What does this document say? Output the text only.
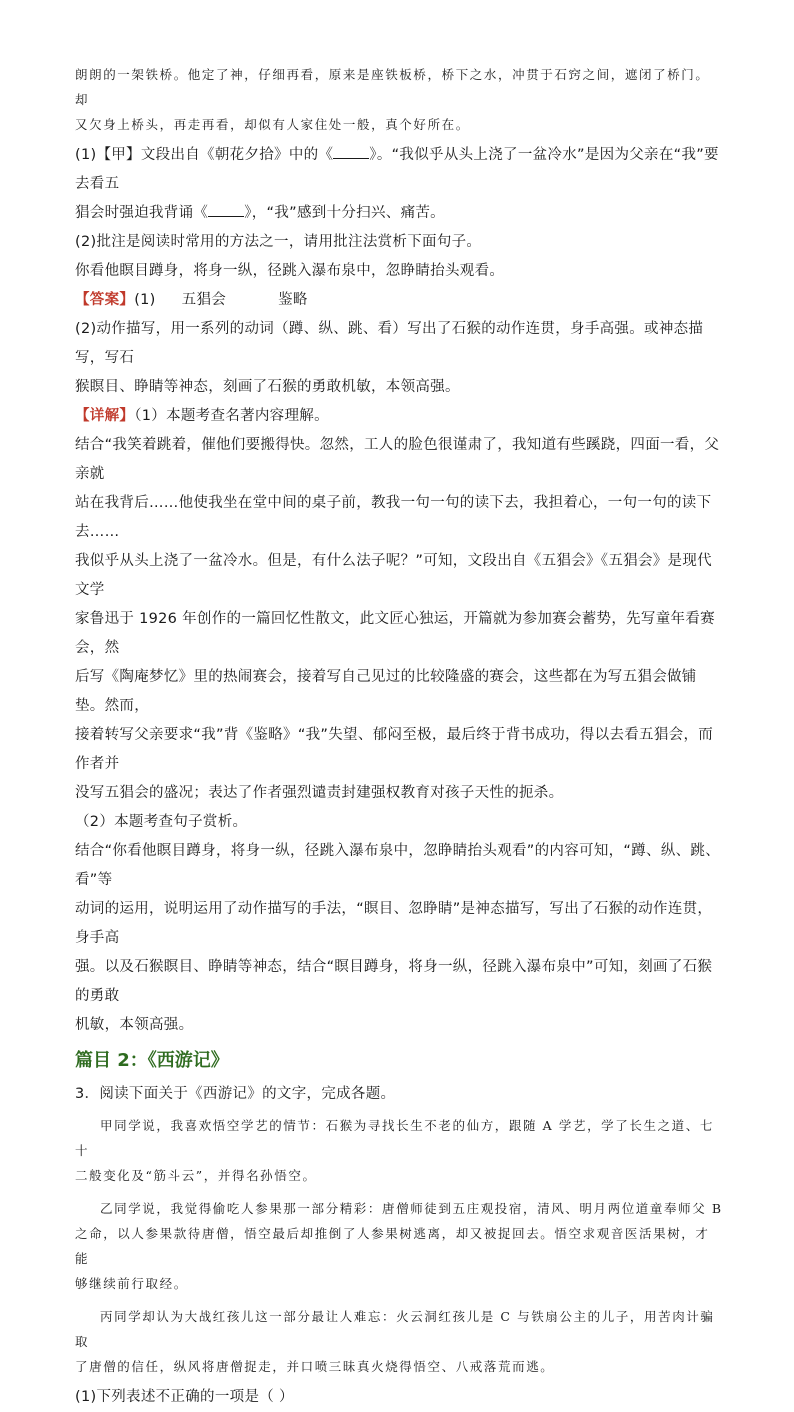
朗朗的一架铁桥。他定了神，仔细再看，原来是座铁板桥，桥下之水，冲贯于石窍之间，遮闭了桥门。却

又欠身上桥头，再走再看，却似有人家住处一般，真个好所在。

(1)【甲】文段出自《朝花夕拾》中的《 》。“我似乎从头上浇了一盆冷水”是因为父亲在“我”要去看五

猖会时强迫我背诵《 》，“我”感到十分扫兴、痛苦。

(2)批注是阅读时常用的方法之一，请用批注法赏析下面句子。

你看他瞑目蹲身，将身一纵，径跳入瀑布泉中，忽睁睛抬头观看。

【答案】(1) 五猖会	鉴略

(2)动作描写，用一系列的动词（蹲、纵、跳、看）写出了石猴的动作连贯，身手高强。或神态描写，写石

猴瞑目、睁睛等神态，刻画了石猴的勇敢机敏，本领高强。

【详解】（1）本题考查名著内容理解。

结合“我笑着跳着，催他们要搬得快。忽然，工人的脸色很谨肃了，我知道有些蹊跷，四面一看，父亲就

站在我背后……他使我坐在堂中间的桌子前，教我一句一句的读下去，我担着心，一句一句的读下去……

我似乎从头上浇了一盆冷水。但是，有什么法子呢？”可知，文段出自《五猖会》《五猖会》是现代文学

家鲁迅于 1926 年创作的一篇回忆性散文，此文匠心独运，开篇就为参加赛会蓄势，先写童年看赛会，然

后写《陶庵梦忆》里的热闹赛会，接着写自己见过的比较隆盛的赛会，这些都在为写五猖会做铺垫。然而，

接着转写父亲要求“我”背《鉴略》“我”失望、郁闷至极，最后终于背书成功，得以去看五猖会，而作者并

没写五猖会的盛况；表达了作者强烈谴责封建强权教育对孩子天性的扼杀。

（2）本题考查句子赏析。

结合“你看他瞑目蹲身，将身一纵，径跳入瀑布泉中，忽睁睛抬头观看”的内容可知，“蹲、纵、跳、看”等

动词的运用，说明运用了动作描写的手法，“瞑目、忽睁睛”是神态描写，写出了石猴的动作连贯，身手高

强。以及石猴瞑目、睁睛等神态，结合“瞑目蹲身，将身一纵，径跳入瀑布泉中”可知，刻画了石猴的勇敢

机敏，本领高强。

篇目 2：《西游记》

3．阅读下面关于《西游记》的文字，完成各题。

甲同学说，我喜欢悟空学艺的情节：石猴为寻找长生不老的仙方，跟随 A 学艺，学了长生之道、七十

二般变化及“筋斗云”，并得名孙悟空。

乙同学说，我觉得偷吃人参果那一部分精彩：唐僧师徒到五庄观投宿，清风、明月两位道童奉师父 B

之命，以人参果款待唐僧，悟空最后却推倒了人参果树逃离，却又被捉回去。悟空求观音医活果树，才能

够继续前行取经。

丙同学却认为大战红孩儿这一部分最让人难忘：火云洞红孩儿是 C 与铁扇公主的儿子，用苦肉计骗取

了唐僧的信任，纵风将唐僧捉走，并口喷三昧真火烧得悟空、八戒落荒而逃。

(1)下列表述不正确的一项是（ ）
